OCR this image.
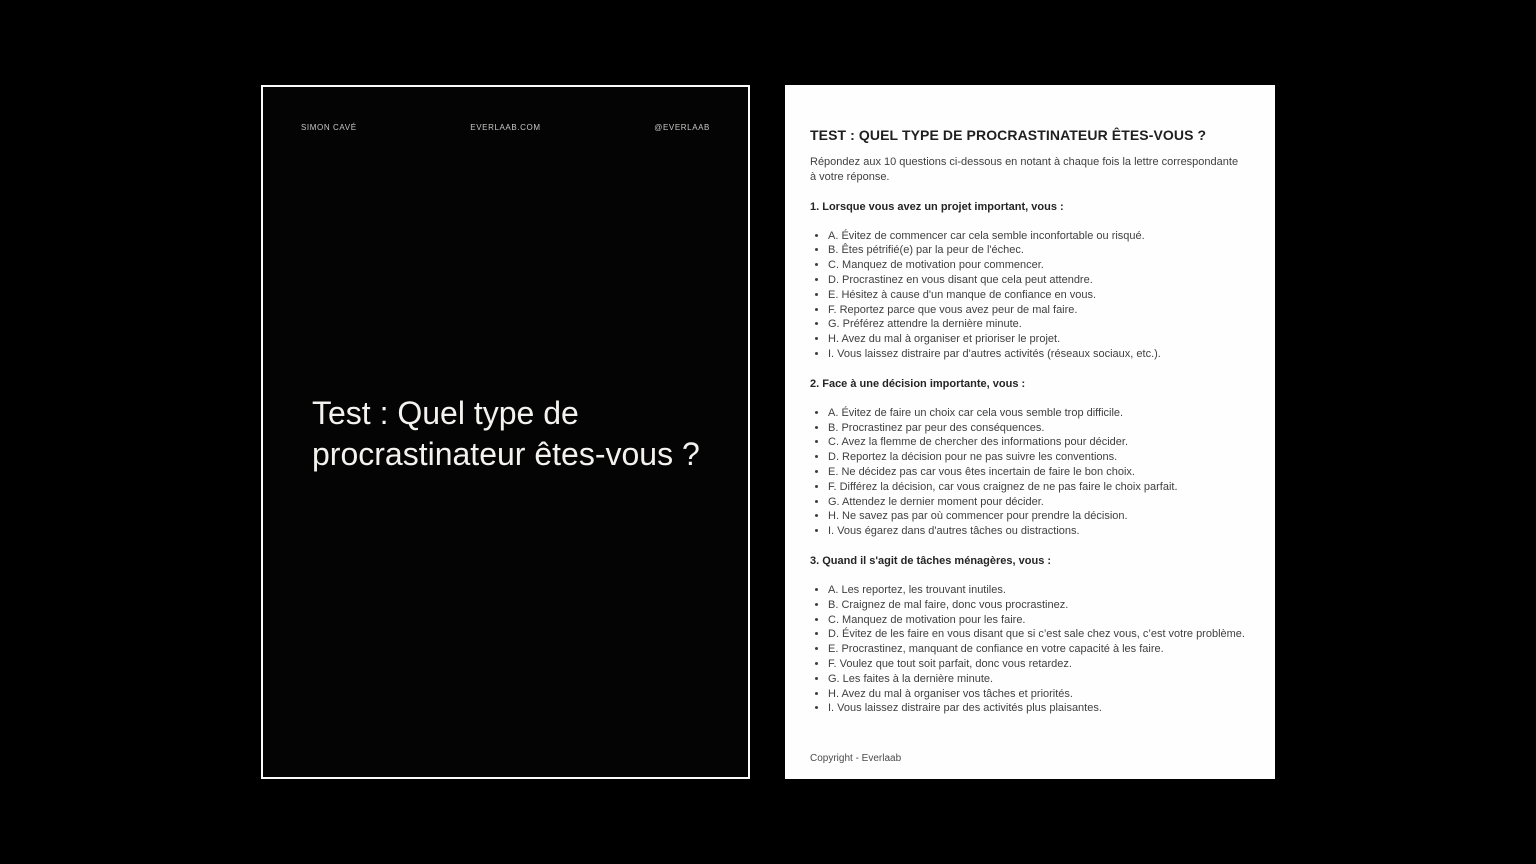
SIMON CAVÉ	EVERLAAB.COM	@EVERLAAB
Test : Quel type de
procrastinateur êtes-vous ?
TEST : QUEL TYPE DE PROCRASTINATEUR ÊTES-VOUS ?

Répondez aux 10 questions ci-dessous en notant à chaque fois la lettre correspondante
à votre réponse.

1. Lorsque vous avez un projet important, vous :
• A. Évitez de commencer car cela semble inconfortable ou risqué.
• B. Êtes pétrifié(e) par la peur de l'échec.
• C. Manquez de motivation pour commencer.
• D. Procrastinez en vous disant que cela peut attendre.
• E. Hésitez à cause d'un manque de confiance en vous.
• F. Reportez parce que vous avez peur de mal faire.
• G. Préférez attendre la dernière minute.
• H. Avez du mal à organiser et prioriser le projet.
• I. Vous laissez distraire par d'autres activités (réseaux sociaux, etc.).
2. Face à une décision importante, vous :
• A. Évitez de faire un choix car cela vous semble trop difficile.
• B. Procrastinez par peur des conséquences.
• C. Avez la flemme de chercher des informations pour décider.
• D. Reportez la décision pour ne pas suivre les conventions.
• E. Ne décidez pas car vous êtes incertain de faire le bon choix.
• F. Différez la décision, car vous craignez de ne pas faire le choix parfait.
• G. Attendez le dernier moment pour décider.
• H. Ne savez pas par où commencer pour prendre la décision.
• I. Vous égarez dans d'autres tâches ou distractions.
3. Quand il s'agit de tâches ménagères, vous :
• A. Les reportez, les trouvant inutiles.
• B. Craignez de mal faire, donc vous procrastinez.
• C. Manquez de motivation pour les faire.
• D. Évitez de les faire en vous disant que si c’est sale chez vous, c’est votre problème.
• E. Procrastinez, manquant de confiance en votre capacité à les faire.
• F. Voulez que tout soit parfait, donc vous retardez.
• G. Les faites à la dernière minute.
• H. Avez du mal à organiser vos tâches et priorités.
• I. Vous laissez distraire par des activités plus plaisantes.
Copyright - Everlaab
